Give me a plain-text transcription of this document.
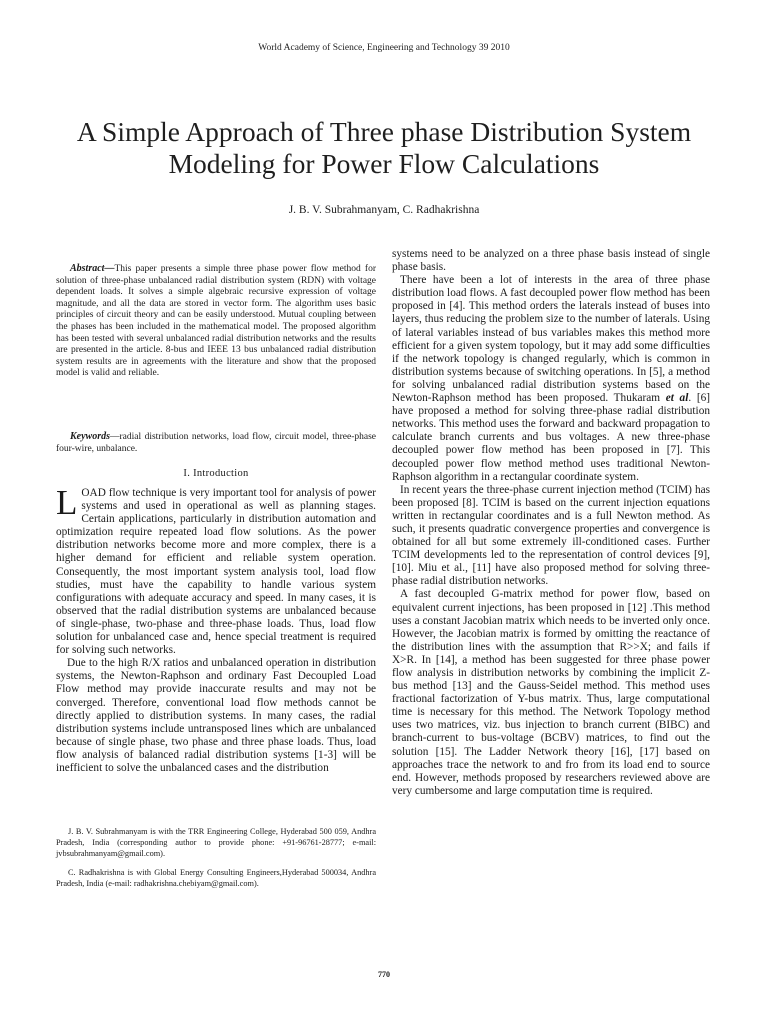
World Academy of Science, Engineering and Technology 39 2010
A Simple Approach of Three phase Distribution System Modeling for Power Flow Calculations
J. B. V. Subrahmanyam, C. Radhakrishna
Abstract—This paper presents a simple three phase power flow method for solution of three-phase unbalanced radial distribution system (RDN) with voltage dependent loads. It solves a simple algebraic recursive expression of voltage magnitude, and all the data are stored in vector form. The algorithm uses basic principles of circuit theory and can be easily understood. Mutual coupling between the phases has been included in the mathematical model. The proposed algorithm has been tested with several unbalanced radial distribution networks and the results are presented in the article. 8-bus and IEEE 13 bus unbalanced radial distribution system results are in agreements with the literature and show that the proposed model is valid and reliable.
Keywords—radial distribution networks, load flow, circuit model, three-phase four-wire, unbalance.
I. Introduction

LOAD flow technique is very important tool for analysis of power systems and used in operational as well as planning stages. Certain applications, particularly in distribution automation and optimization require repeated load flow solutions. As the power distribution networks become more and more complex, there is a higher demand for efficient and reliable system operation. Consequently, the most important system analysis tool, load flow studies, must have the capability to handle various system configurations with adequate accuracy and speed. In many cases, it is observed that the radial distribution systems are unbalanced because of single-phase, two-phase and three-phase loads. Thus, load flow solution for unbalanced case and, hence special treatment is required for solving such networks.

Due to the high R/X ratios and unbalanced operation in distribution systems, the Newton-Raphson and ordinary Fast Decoupled Load Flow method may provide inaccurate results and may not be converged. Therefore, conventional load flow methods cannot be directly applied to distribution systems. In many cases, the radial distribution systems include untransposed lines which are unbalanced because of single phase, two phase and three phase loads. Thus, load flow analysis of balanced radial distribution systems [1-3] will be inefficient to solve the unbalanced cases and the distribution

J. B. V. Subrahmanyam is with the TRR Engineering College, Hyderabad 500 059, Andhra Pradesh, India (corresponding author to provide phone: +91-96761-28777; e-mail: jvbsubrahmanyam@gmail.com).

C. Radhakrishna is with Global Energy Consulting Engineers,Hyderabad 500034, Andhra Pradesh, India (e-mail: radhakrishna.chebiyam@gmail.com).

systems need to be analyzed on a three phase basis instead of single phase basis.

There have been a lot of interests in the area of three phase distribution load flows. A fast decoupled power flow method has been proposed in [4]. This method orders the laterals instead of buses into layers, thus reducing the problem size to the number of laterals. Using of lateral variables instead of bus variables makes this method more efficient for a given system topology, but it may add some difficulties if the network topology is changed regularly, which is common in distribution systems because of switching operations. In [5], a method for solving unbalanced radial distribution systems based on the Newton-Raphson method has been proposed. Thukaram et al. [6] have proposed a method for solving three-phase radial distribution networks. This method uses the forward and backward propagation to calculate branch currents and bus voltages. A new three-phase decoupled power flow method has been proposed in [7]. This decoupled power flow method method uses traditional Newton-Raphson algorithm in a rectangular coordinate system.

In recent years the three-phase current injection method (TCIM) has been proposed [8]. TCIM is based on the current injection equations written in rectangular coordinates and is a full Newton method. As such, it presents quadratic convergence properties and convergence is obtained for all but some extremely ill-conditioned cases. Further TCIM developments led to the representation of control devices [9], [10]. Miu et al., [11] have also proposed method for solving three-phase radial distribution networks.

A fast decoupled G-matrix method for power flow, based on equivalent current injections, has been proposed in [12] .This method uses a constant Jacobian matrix which needs to be inverted only once. However, the Jacobian matrix is formed by omitting the reactance of the distribution lines with the assumption that R>>X; and fails if X>R. In [14], a method has been suggested for three phase power flow analysis in distribution networks by combining the implicit Z-bus method [13] and the Gauss-Seidel method. This method uses fractional factorization of Y-bus matrix. Thus, large computational time is necessary for this method. The Network Topology method uses two matrices, viz. bus injection to branch current (BIBC) and branch-current to bus-voltage (BCBV) matrices, to find out the solution [15]. The Ladder Network theory [16], [17] based on approaches trace the network to and fro from its load end to source end. However, methods proposed by researchers reviewed above are very cumbersome and large computation time is required.

770
